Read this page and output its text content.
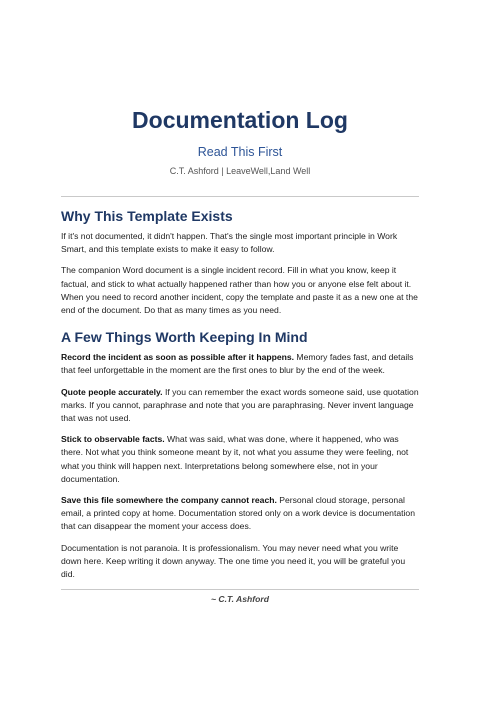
Documentation Log
Read This First
C.T. Ashford | LeaveWell,Land Well
Why This Template Exists

If it's not documented, it didn't happen. That's the single most important principle in Work Smart, and this template exists to make it easy to follow.

The companion Word document is a single incident record. Fill in what you know, keep it factual, and stick to what actually happened rather than how you or anyone else felt about it. When you need to record another incident, copy the template and paste it as a new one at the end of the document. Do that as many times as you need.

A Few Things Worth Keeping In Mind

Record the incident as soon as possible after it happens. Memory fades fast, and details that feel unforgettable in the moment are the first ones to blur by the end of the week.

Quote people accurately. If you can remember the exact words someone said, use quotation marks. If you cannot, paraphrase and note that you are paraphrasing. Never invent language that was not used.

Stick to observable facts. What was said, what was done, where it happened, who was there. Not what you think someone meant by it, not what you assume they were feeling, not what you think will happen next. Interpretations belong somewhere else, not in your documentation.

Save this file somewhere the company cannot reach. Personal cloud storage, personal email, a printed copy at home. Documentation stored only on a work device is documentation that can disappear the moment your access does.

Documentation is not paranoia. It is professionalism. You may never need what you write down here. Keep writing it down anyway. The one time you need it, you will be grateful you did.

~ C.T. Ashford
